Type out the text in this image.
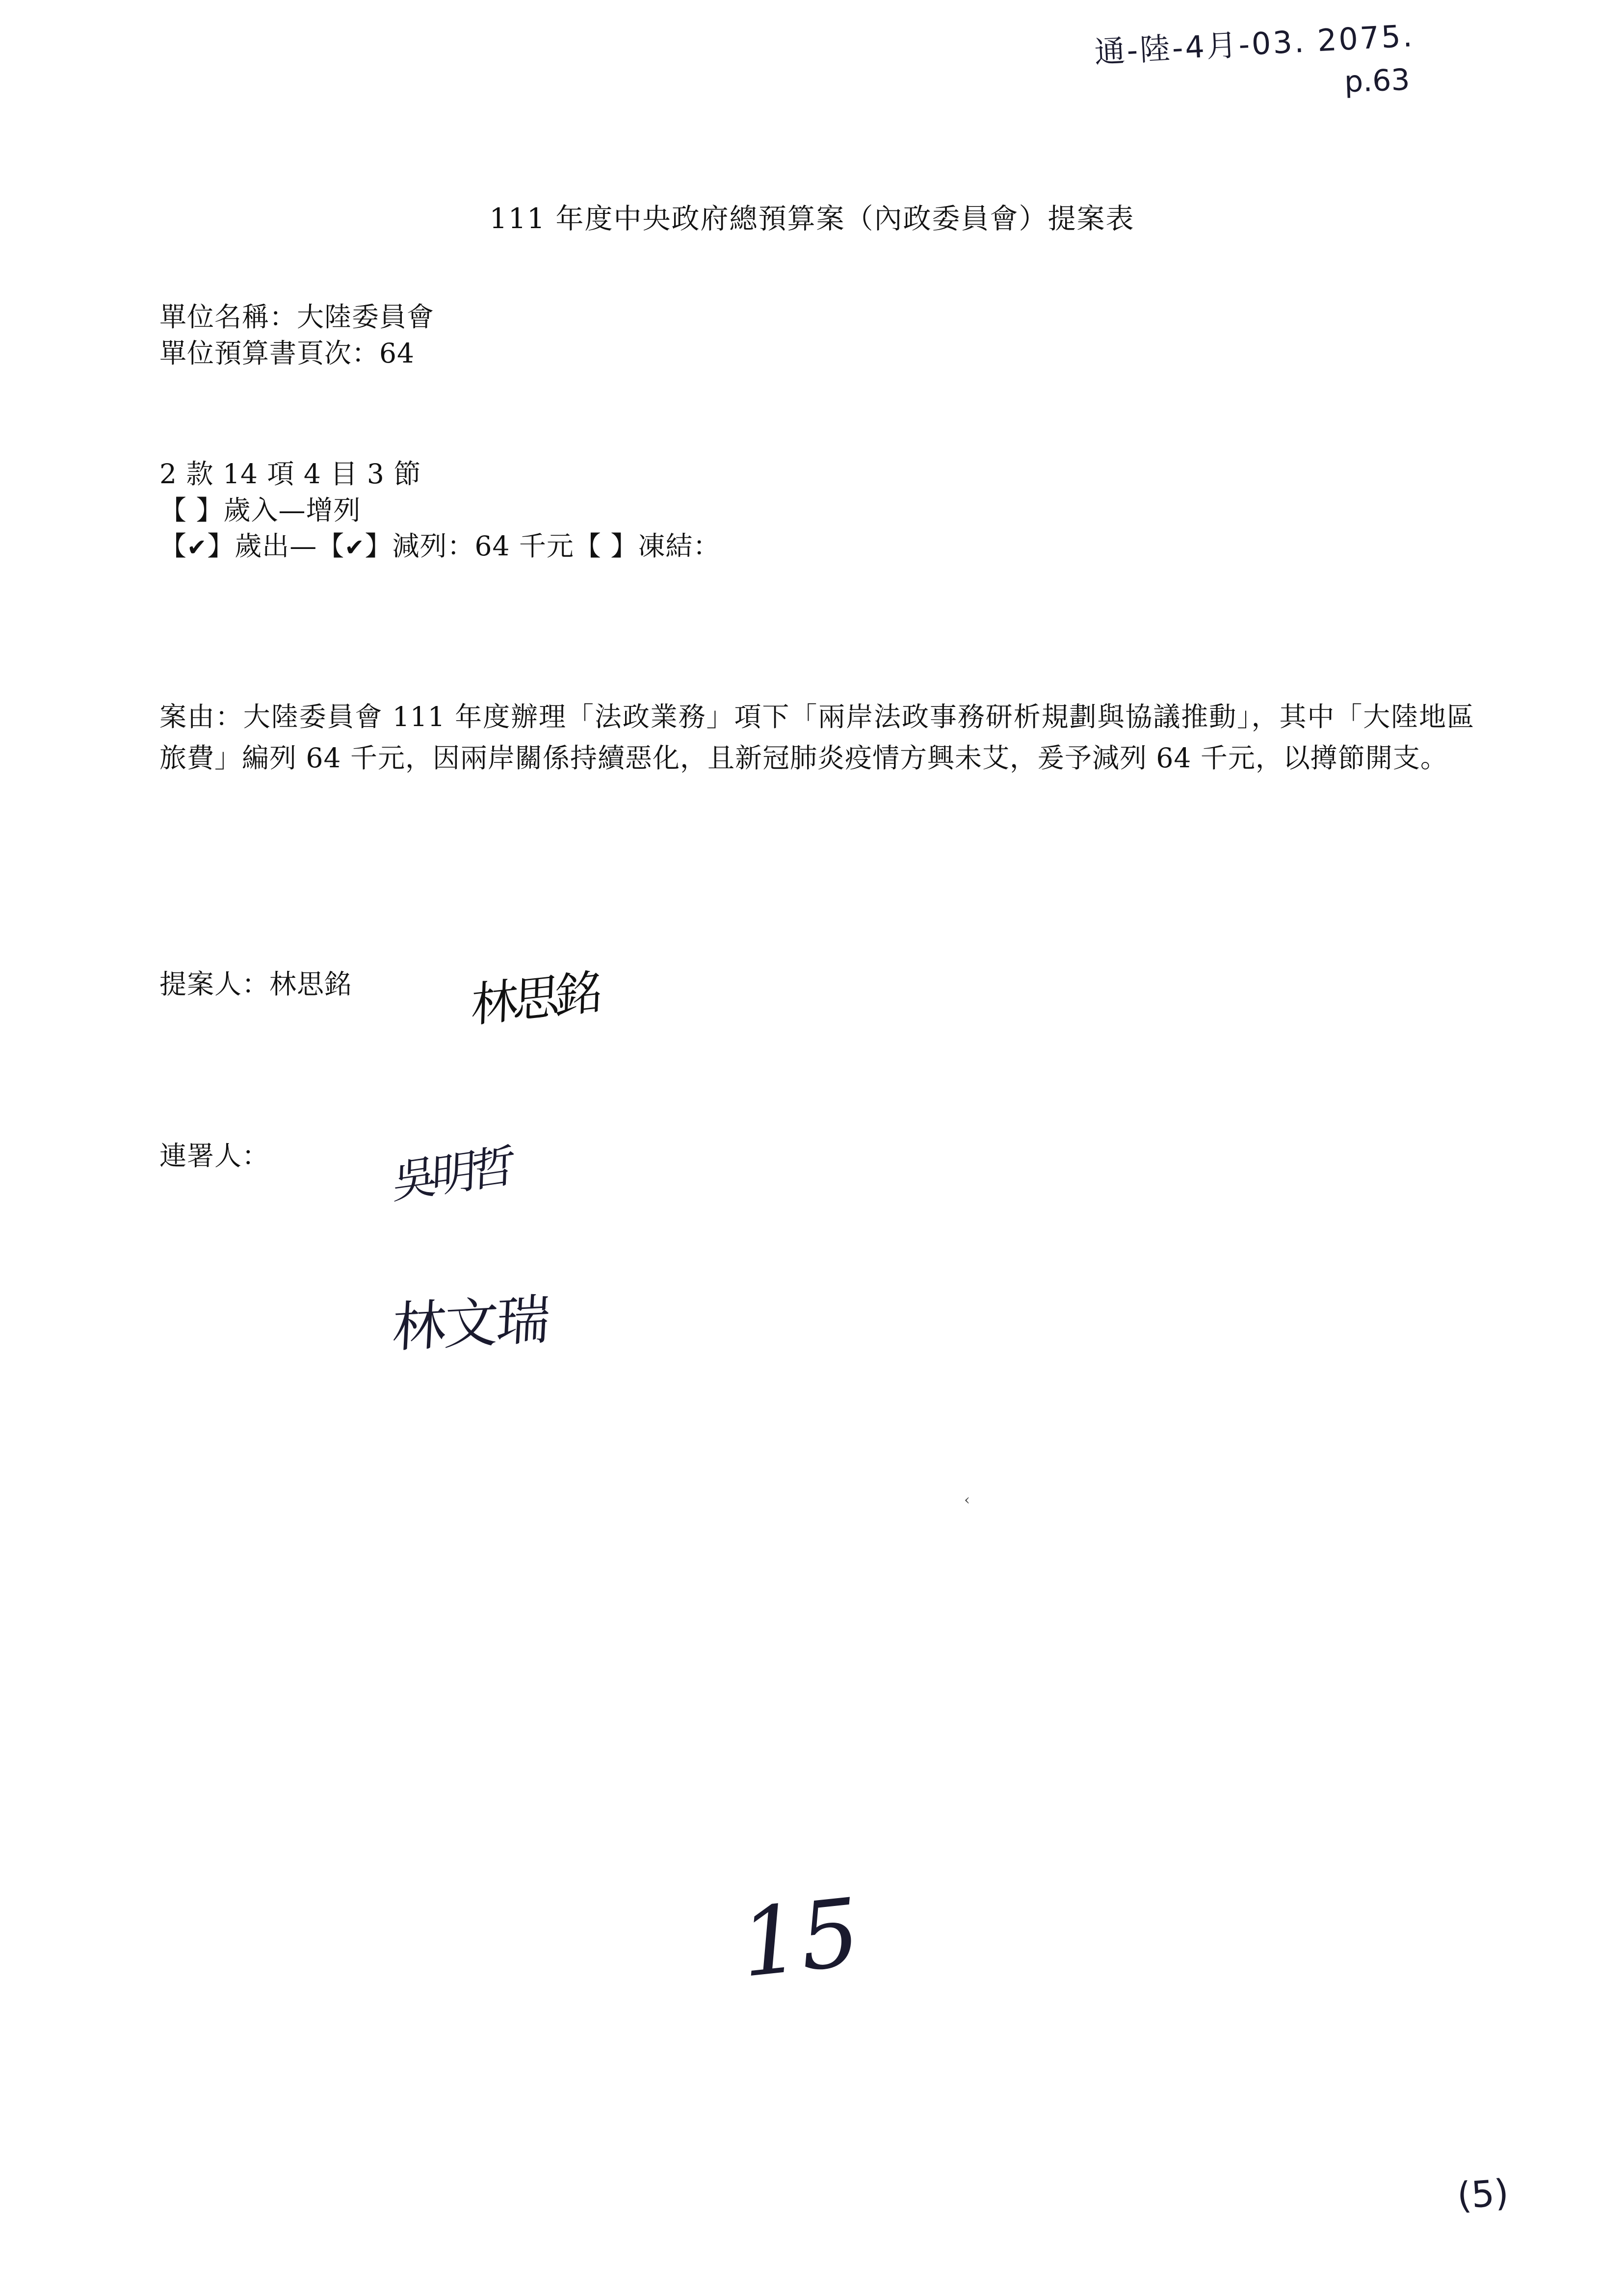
通-陸-4月-03. 2075.
p.63
111 年度中央政府總預算案（內政委員會）提案表
單位名稱：大陸委員會
單位預算書頁次：64
2 款 14 項 4 目 3 節
【 】歲入—增列
【✔】歲出—【✔】減列：64 千元【 】凍結：
案由：大陸委員會 111 年度辦理「法政業務」項下「兩岸法政事務研析規劃與協議推動」，其中「大陸地區旅費」編列 64 千元，因兩岸關係持續惡化，且新冠肺炎疫情方興未艾，爰予減列 64 千元，以撙節開支。
提案人：林思銘	林思銘
連署人：	吳明哲
林文瑞
‹
15
(5)
